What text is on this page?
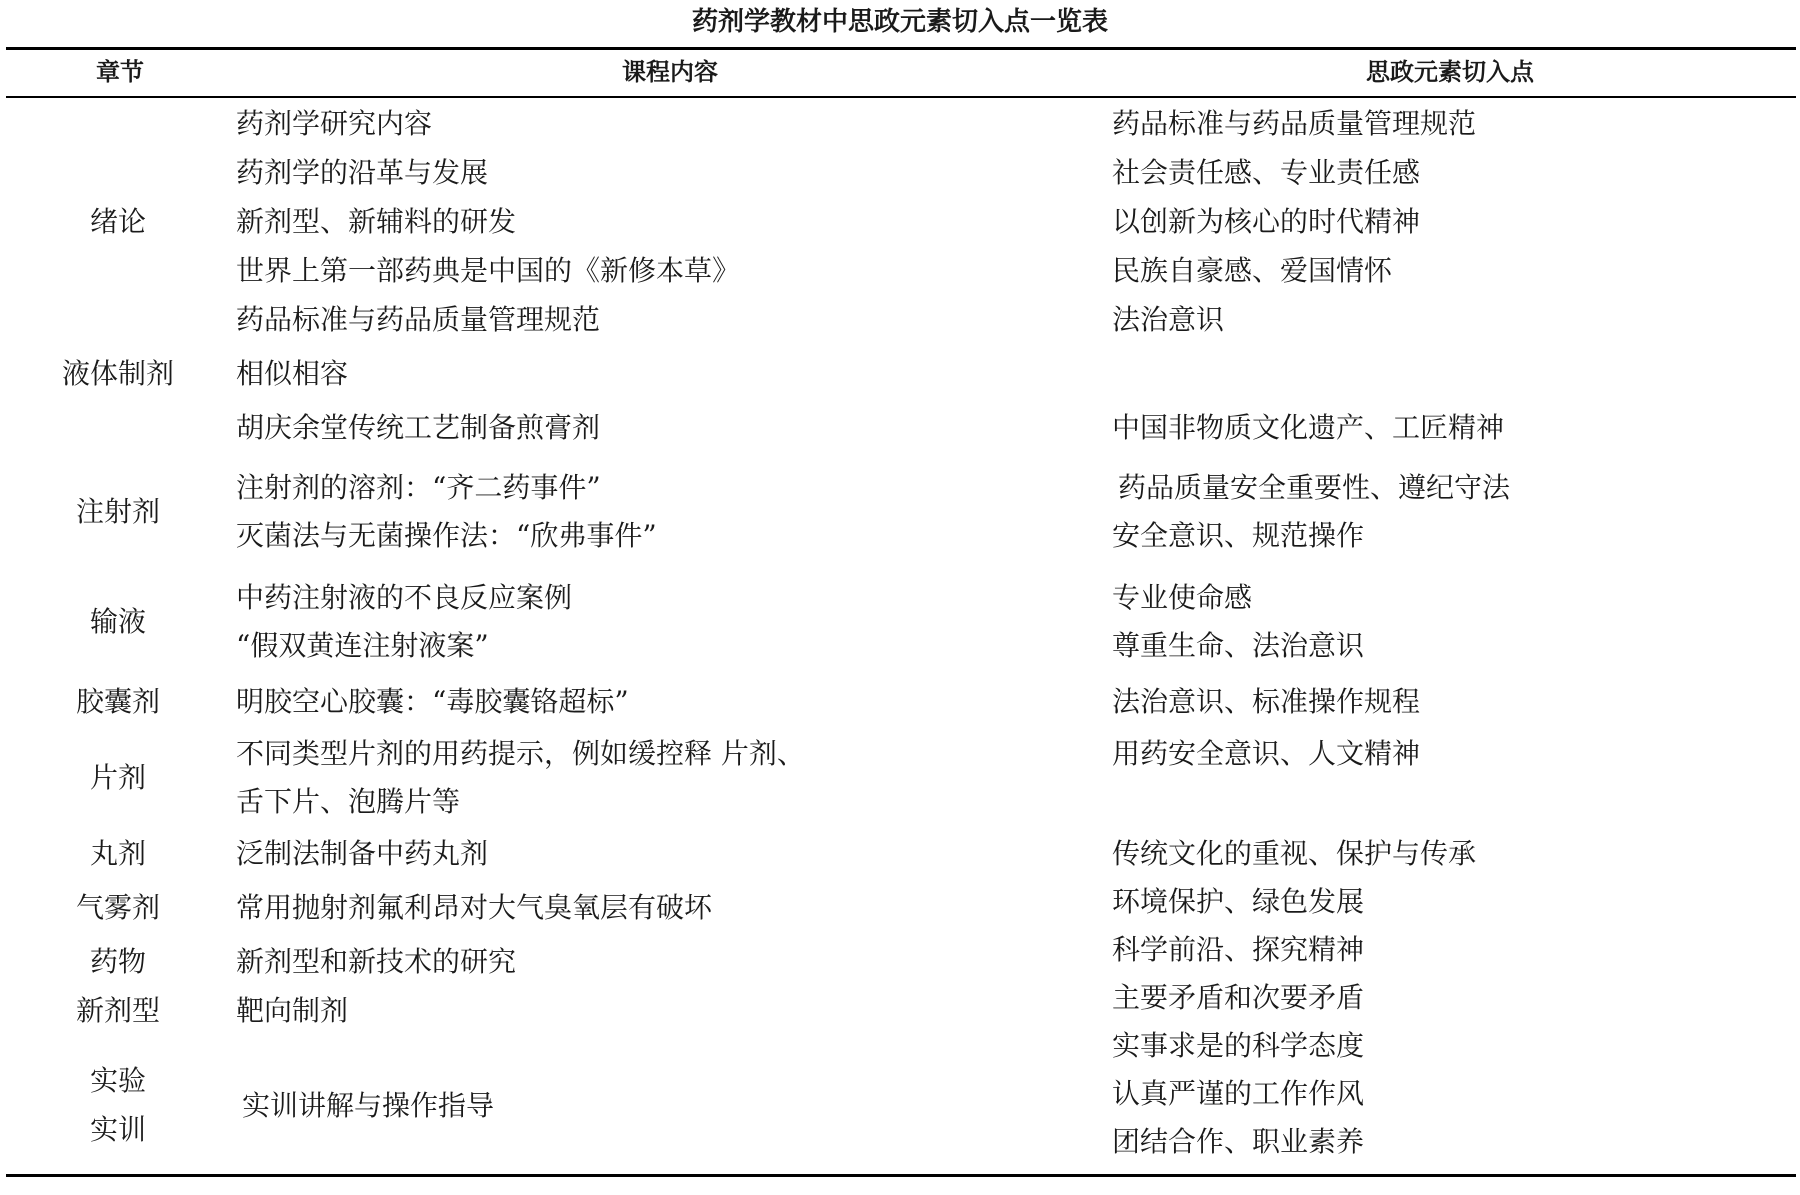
药剂学教材中思政元素切入点一览表
章节	课程内容	思政元素切入点
绪论
液体制剂
注射剂
输液
胶囊剂
片剂
丸剂
气雾剂
药物
新剂型
实验
实训
药剂学研究内容
药剂学的沿革与发展
新剂型、新辅料的研发
世界上第一部药典是中国的《新修本草》
药品标准与药品质量管理规范
相似相容
胡庆余堂传统工艺制备煎膏剂
注射剂的溶剂：“齐二药事件”
灭菌法与无菌操作法：“欣弗事件”
中药注射液的不良反应案例
“假双黄连注射液案”
明胶空心胶囊：“毒胶囊铬超标”
不同类型片剂的用药提示，例如缓控释 片剂、
舌下片、泡腾片等
泛制法制备中药丸剂
常用抛射剂氟利昂对大气臭氧层有破坏
新剂型和新技术的研究
靶向制剂
实训讲解与操作指导
药品标准与药品质量管理规范
社会责任感、专业责任感
以创新为核心的时代精神
民族自豪感、爱国情怀
法治意识
中国非物质文化遗产、工匠精神
药品质量安全重要性、遵纪守法
安全意识、规范操作
专业使命感
尊重生命、法治意识
法治意识、标准操作规程
用药安全意识、人文精神
传统文化的重视、保护与传承
环境保护、绿色发展
科学前沿、探究精神
主要矛盾和次要矛盾
实事求是的科学态度
认真严谨的工作作风
团结合作、职业素养
